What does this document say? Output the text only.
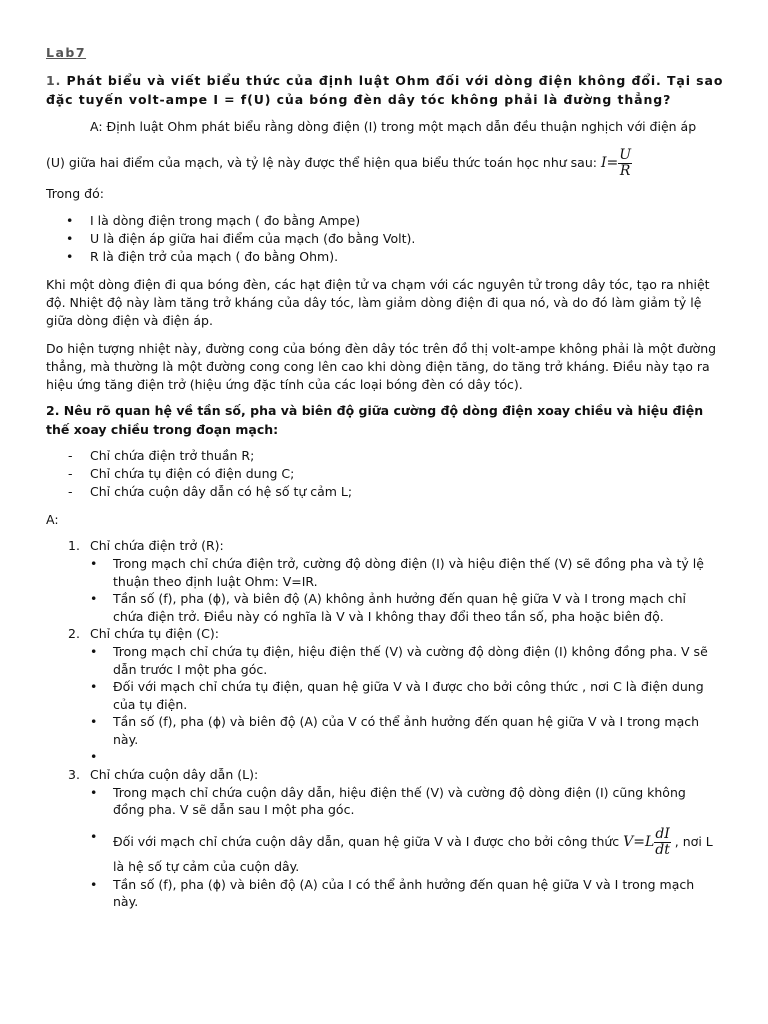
Lab7
1. Phát biểu và viết biểu thức của định luật Ohm đối với dòng điện không đổi. Tại sao đặc tuyến volt-ampe I = f(U) của bóng đèn dây tóc không phải là đường thẳng?
A: Định luật Ohm phát biểu rằng dòng điện (I) trong một mạch dẫn đều thuận nghịch với điện áp
(U) giữa hai điểm của mạch, và tỷ lệ này được thể hiện qua biểu thức toán học như sau: $I= \frac{U}{R}$
Trong đó:
• I là dòng điện trong mạch ( đo bằng Ampe)
• U là điện áp giữa hai điểm của mạch (đo bằng Volt).
• R là điện trở của mạch ( đo bằng Ohm).
Khi một dòng điện đi qua bóng đèn, các hạt điện tử va chạm với các nguyên tử trong dây tóc, tạo ra nhiệt độ. Nhiệt độ này làm tăng trở kháng của dây tóc, làm giảm dòng điện đi qua nó, và do đó làm giảm tỷ lệ giữa dòng điện và điện áp.
Do hiện tượng nhiệt này, đường cong của bóng đèn dây tóc trên đồ thị volt-ampe không phải là một đường thẳng, mà thường là một đường cong cong lên cao khi dòng điện tăng, do tăng trở kháng. Điều này tạo ra hiệu ứng tăng điện trở (hiệu ứng đặc tính của các loại bóng đèn có dây tóc).
2. Nêu rõ quan hệ về tần số, pha và biên độ giữa cường độ dòng điện xoay chiều và hiệu điện thế xoay chiều trong đoạn mạch:
- Chỉ chứa điện trở thuần R;
- Chỉ chứa tụ điện có điện dung C;
- Chỉ chứa cuộn dây dẫn có hệ số tự cảm L;
A:
1. Chỉ chứa điện trở (R):
• Trong mạch chỉ chứa điện trở, cường độ dòng điện (I) và hiệu điện thế (V) sẽ đồng pha và tỷ lệ thuận theo định luật Ohm: V=IR.
• Tần số (f), pha (ϕ), và biên độ (A) không ảnh hưởng đến quan hệ giữa V và I trong mạch chỉ chứa điện trở. Điều này có nghĩa là V và I không thay đổi theo tần số, pha hoặc biên độ.
2. Chỉ chứa tụ điện (C):
• Trong mạch chỉ chứa tụ điện, hiệu điện thế (V) và cường độ dòng điện (I) không đồng pha. V sẽ dẫn trước I một pha góc.
• Đối với mạch chỉ chứa tụ điện, quan hệ giữa V và I được cho bởi công thức , nơi C là điện dung của tụ điện.
• Tần số (f), pha (ϕ) và biên độ (A) của V có thể ảnh hưởng đến quan hệ giữa V và I trong mạch này.
•
3. Chỉ chứa cuộn dây dẫn (L):
• Trong mạch chỉ chứa cuộn dây dẫn, hiệu điện thế (V) và cường độ dòng điện (I) cũng không đồng pha. V sẽ dẫn sau I một pha góc.
• Đối với mạch chỉ chứa cuộn dây dẫn, quan hệ giữa V và I được cho bởi công thức $V=L \frac{dI}{dt}$ , nơi L
là hệ số tự cảm của cuộn dây.
• Tần số (f), pha (ϕ) và biên độ (A) của I có thể ảnh hưởng đến quan hệ giữa V và I trong mạch này.
